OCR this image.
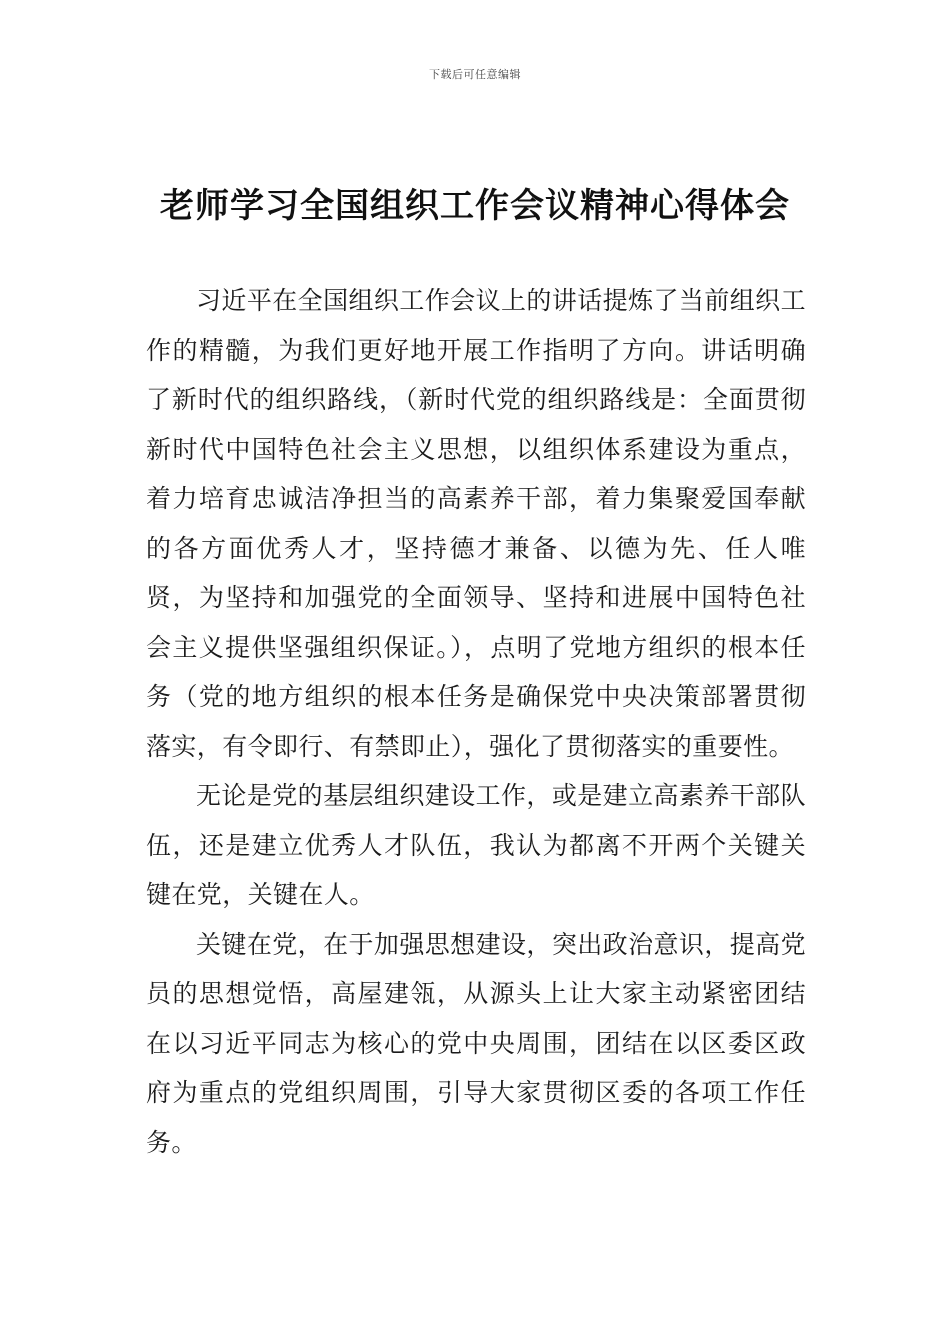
下载后可任意编辑
老师学习全国组织工作会议精神心得体会

习近平在全国组织工作会议上的讲话提炼了当前组织工作的精髓，为我们更好地开展工作指明了方向。讲话明确了新时代的组织路线，（新时代党的组织路线是：全面贯彻新时代中国特色社会主义思想，以组织体系建设为重点，着力培育忠诚洁净担当的高素养干部，着力集聚爱国奉献的各方面优秀人才，坚持德才兼备、以德为先、任人唯贤，为坚持和加强党的全面领导、坚持和进展中国特色社会主义提供坚强组织保证。），点明了党地方组织的根本任务（党的地方组织的根本任务是确保党中央决策部署贯彻落实，有令即行、有禁即止），强化了贯彻落实的重要性。

无论是党的基层组织建设工作，或是建立高素养干部队伍，还是建立优秀人才队伍，我认为都离不开两个关键关键在党，关键在人。

关键在党，在于加强思想建设，突出政治意识，提高党员的思想觉悟，高屋建瓴，从源头上让大家主动紧密团结在以习近平同志为核心的党中央周围，团结在以区委区政府为重点的党组织周围，引导大家贯彻区委的各项工作任务。
